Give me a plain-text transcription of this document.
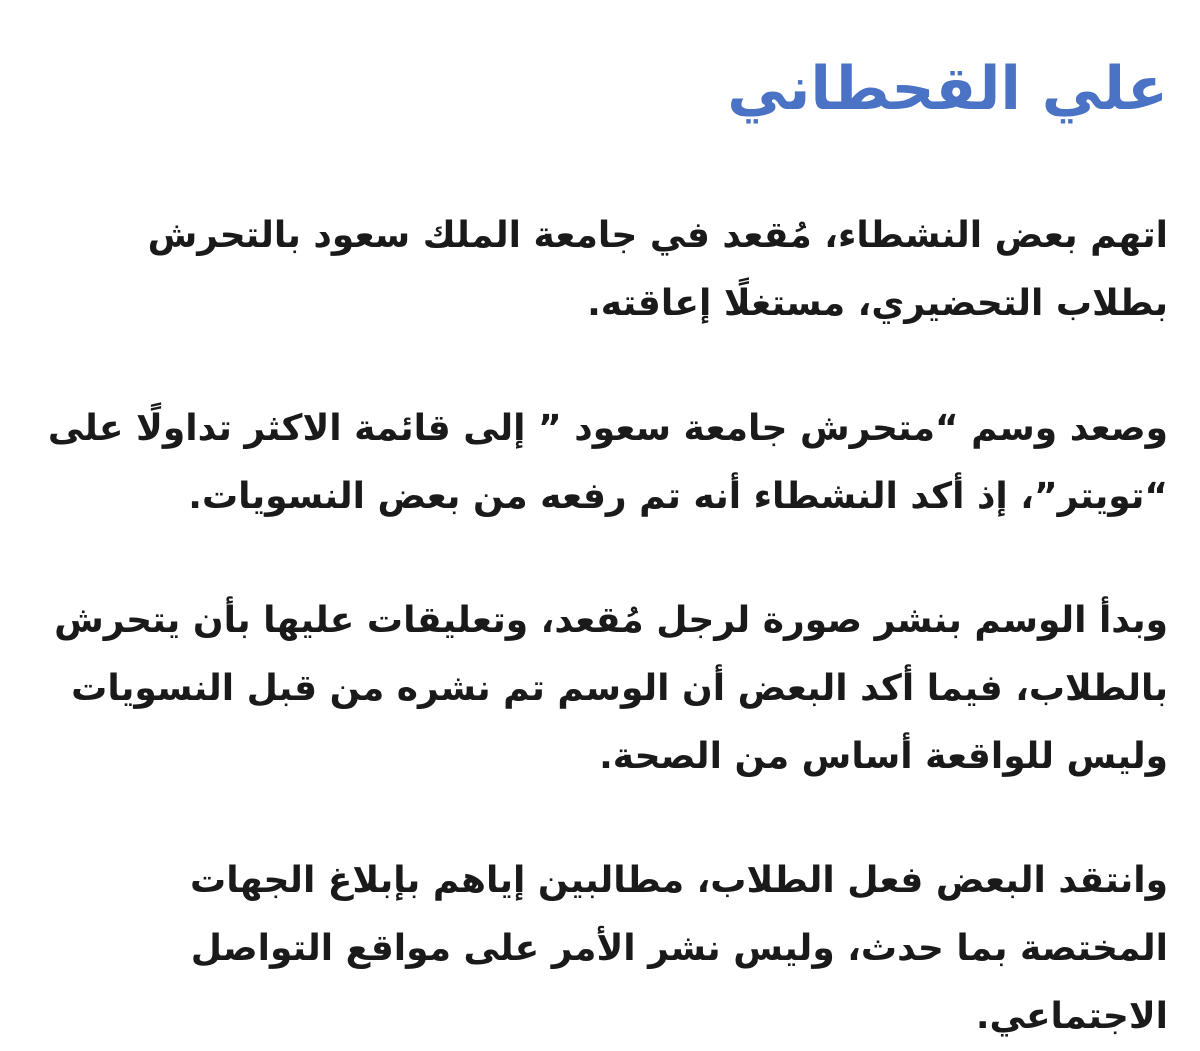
علي القحطاني

اتهم بعض النشطاء، مُقعد في جامعة الملك سعود بالتحرش بطلاب التحضيري، مستغلًا إعاقته.

وصعد وسم “متحرش جامعة سعود ” إلى قائمة الاكثر تداولًا على “تويتر”، إذ أكد النشطاء أنه تم رفعه من بعض النسويات.

وبدأ الوسم بنشر صورة لرجل مُقعد، وتعليقات عليها بأن يتحرش بالطلاب، فيما أكد البعض أن الوسم تم نشره من قبل النسويات وليس للواقعة أساس من الصحة.

وانتقد البعض فعل الطلاب، مطالبين إياهم بإبلاغ الجهات المختصة بما حدث، وليس نشر الأمر على مواقع التواصل الاجتماعي.
